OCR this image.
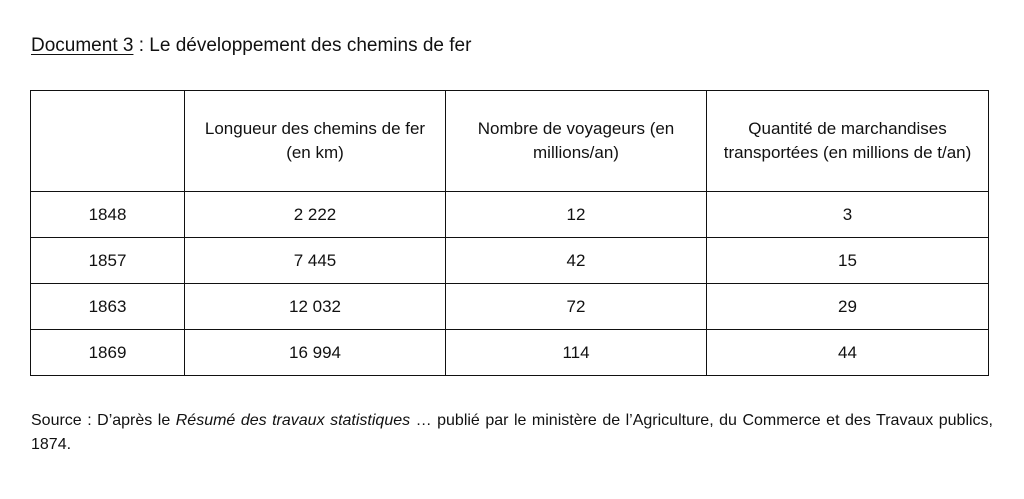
Document 3 : Le développement des chemins de fer
	Longueur des chemins de fer (en km)	Nombre de voyageurs (en millions/an)	Quantité de marchandises transportées (en millions de t/an)
1848	2 222	12	3
1857	7 445	42	15
1863	12 032	72	29
1869	16 994	114	44
Source : D’après le Résumé des travaux statistiques … publié par le ministère de l’Agriculture, du Commerce et des Travaux publics, 1874.
